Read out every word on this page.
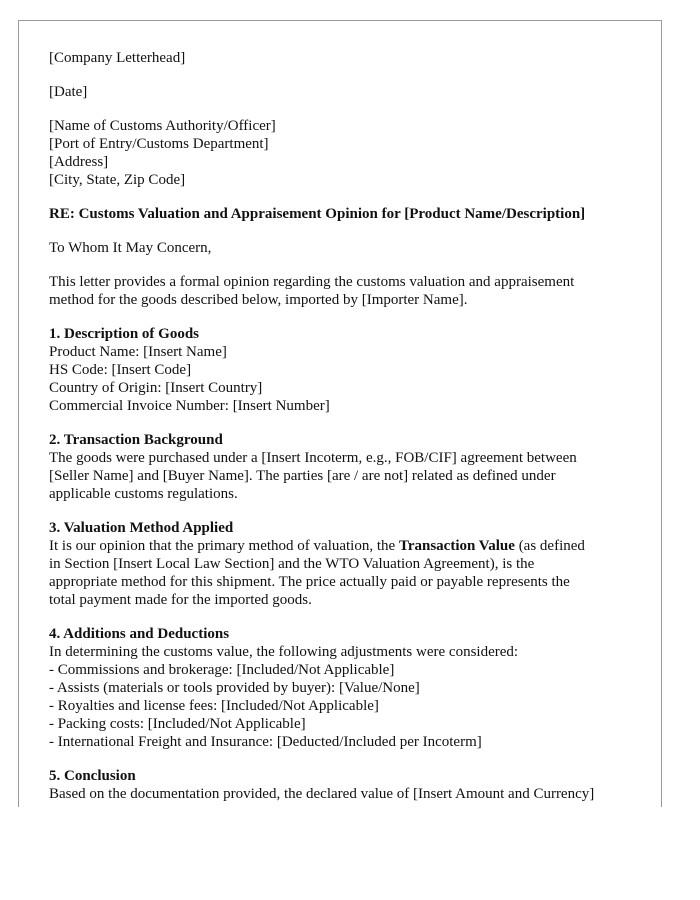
[Company Letterhead]
[Date]
[Name of Customs Authority/Officer]
[Port of Entry/Customs Department]
[Address]
[City, State, Zip Code]
RE: Customs Valuation and Appraisement Opinion for [Product Name/Description]
To Whom It May Concern,
This letter provides a formal opinion regarding the customs valuation and appraisement
method for the goods described below, imported by [Importer Name].
1. Description of Goods
Product Name: [Insert Name]
HS Code: [Insert Code]
Country of Origin: [Insert Country]
Commercial Invoice Number: [Insert Number]
2. Transaction Background
The goods were purchased under a [Insert Incoterm, e.g., FOB/CIF] agreement between
[Seller Name] and [Buyer Name]. The parties [are / are not] related as defined under
applicable customs regulations.
3. Valuation Method Applied
It is our opinion that the primary method of valuation, the Transaction Value (as defined
in Section [Insert Local Law Section] and the WTO Valuation Agreement), is the
appropriate method for this shipment. The price actually paid or payable represents the
total payment made for the imported goods.
4. Additions and Deductions
In determining the customs value, the following adjustments were considered:
- Commissions and brokerage: [Included/Not Applicable]
- Assists (materials or tools provided by buyer): [Value/None]
- Royalties and license fees: [Included/Not Applicable]
- Packing costs: [Included/Not Applicable]
- International Freight and Insurance: [Deducted/Included per Incoterm]
5. Conclusion
Based on the documentation provided, the declared value of [Insert Amount and Currency]
